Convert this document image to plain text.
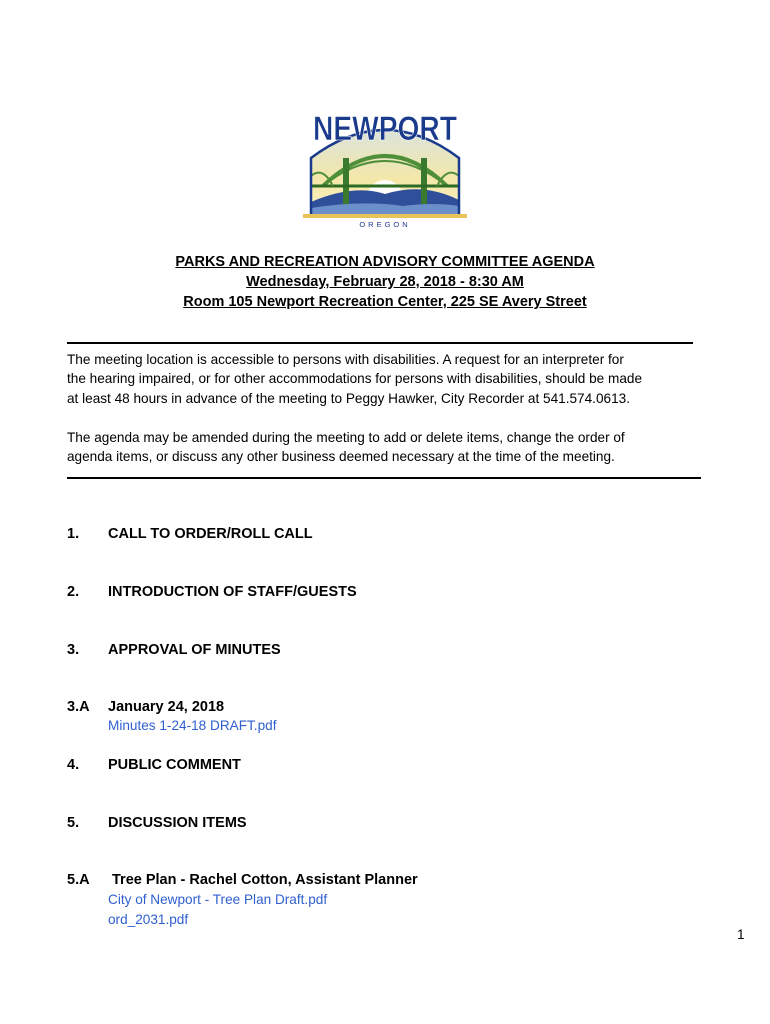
NEWPORT
OREGON
PARKS AND RECREATION ADVISORY COMMITTEE AGENDA
Wednesday, February 28, 2018 - 8:30 AM
Room 105 Newport Recreation Center, 225 SE Avery Street
The meeting location is accessible to persons with disabilities. A request for an interpreter for
the hearing impaired, or for other accommodations for persons with disabilities, should be made
at least 48 hours in advance of the meeting to Peggy Hawker, City Recorder at 541.574.0613.
The agenda may be amended during the meeting to add or delete items, change the order of
agenda items, or discuss any other business deemed necessary at the time of the meeting.
1. CALL TO ORDER/ROLL CALL
2. INTRODUCTION OF STAFF/GUESTS
3. APPROVAL OF MINUTES
3.A January 24, 2018
Minutes 1-24-18 DRAFT.pdf
4. PUBLIC COMMENT
5. DISCUSSION ITEMS
5.A Tree Plan - Rachel Cotton, Assistant Planner
City of Newport - Tree Plan Draft.pdf
ord_2031.pdf
1
